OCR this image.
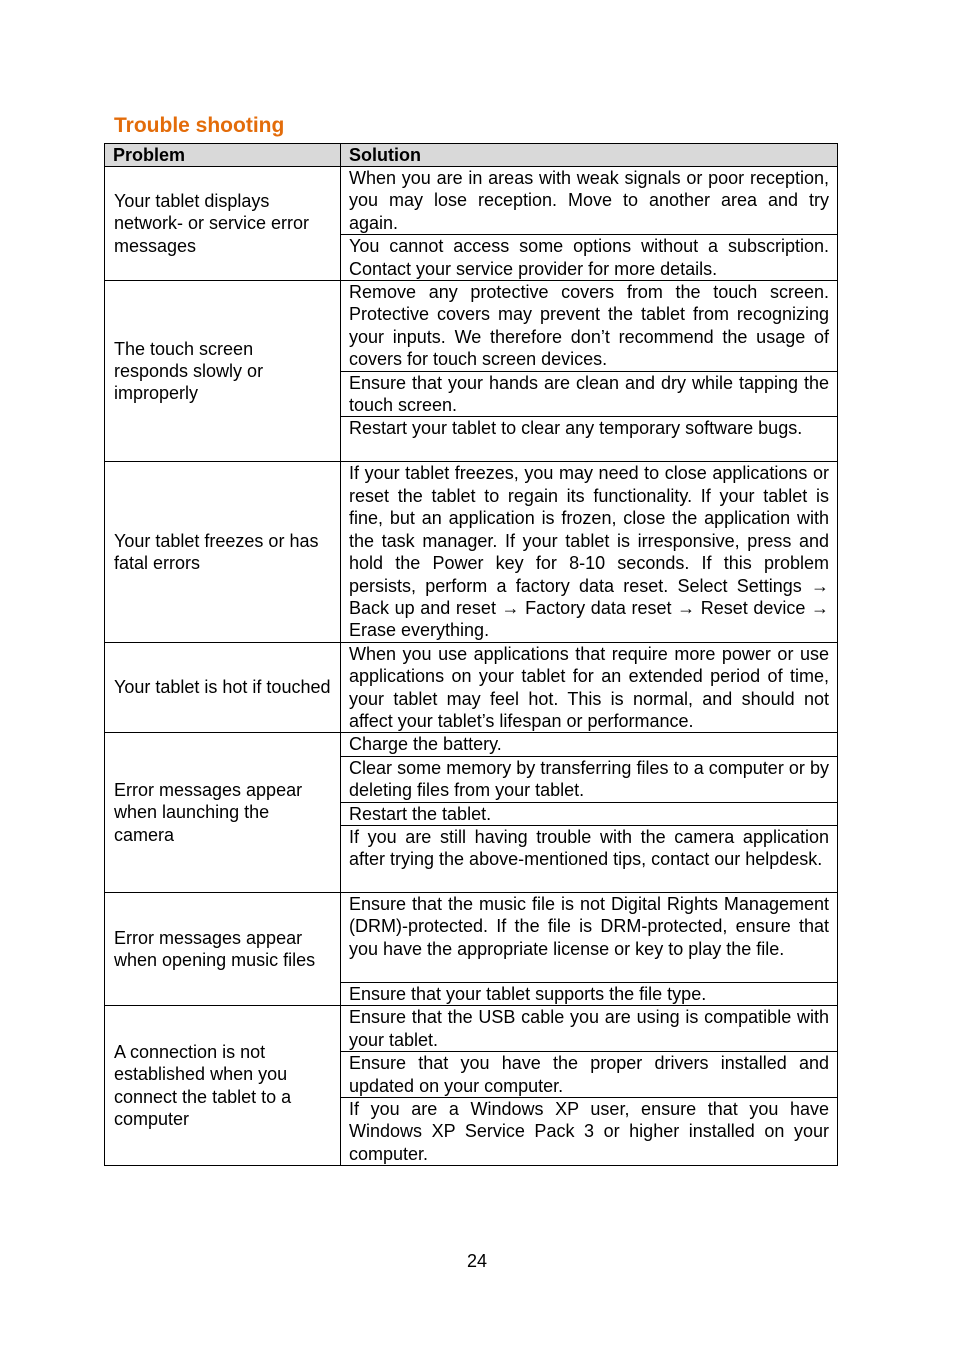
Trouble shooting
Problem	Solution
Your tablet displays network- or service error messages	When you are in areas with weak signals or poor reception, you may lose reception. Move to another area and try again.
	You cannot access some options without a subscription. Contact your service provider for more details.
The touch screen responds slowly or improperly	Remove any protective covers from the touch screen. Protective covers may prevent the tablet from recognizing your inputs. We therefore don’t recommend the usage of covers for touch screen devices.
	Ensure that your hands are clean and dry while tapping the touch screen.
	Restart your tablet to clear any temporary software bugs.
Your tablet freezes or has fatal errors	If your tablet freezes, you may need to close applications or reset the tablet to regain its functionality. If your tablet is fine, but an application is frozen, close the application with the task manager. If your tablet is irresponsive, press and hold the Power key for 8-10 seconds. If this problem persists, perform a factory data reset. Select Settings → Back up and reset → Factory data reset → Reset device → Erase everything.
Your tablet is hot if touched	When you use applications that require more power or use applications on your tablet for an extended period of time, your tablet may feel hot. This is normal, and should not affect your tablet’s lifespan or performance.
Error messages appear when launching the camera	Charge the battery.
	Clear some memory by transferring files to a computer or by deleting files from your tablet.
	Restart the tablet.
	If you are still having trouble with the camera application after trying the above-mentioned tips, contact our helpdesk.
Error messages appear when opening music files	Ensure that the music file is not Digital Rights Management (DRM)-protected. If the file is DRM-protected, ensure that you have the appropriate license or key to play the file.
	Ensure that your tablet supports the file type.
A connection is not established when you connect the tablet to a computer	Ensure that the USB cable you are using is compatible with your tablet.
	Ensure that you have the proper drivers installed and updated on your computer.
	If you are a Windows XP user, ensure that you have Windows XP Service Pack 3 or higher installed on your computer.
24
